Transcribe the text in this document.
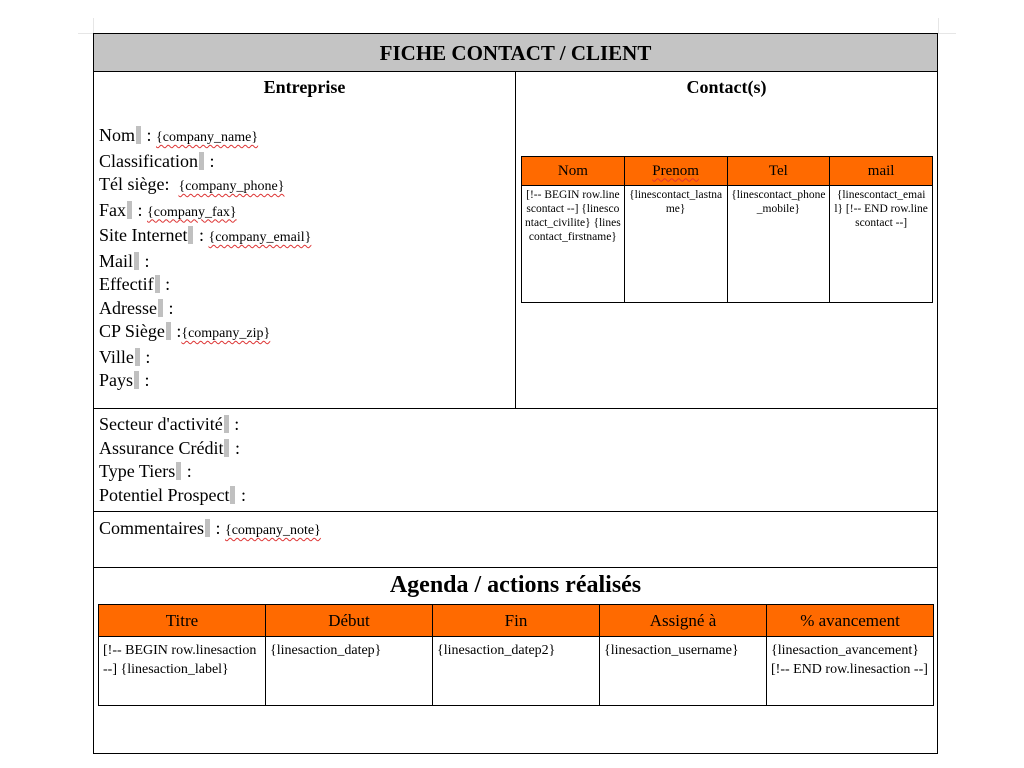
FICHE CONTACT / CLIENT
Entreprise
Nom : {company_name}
Classification :
Tél siège: {company_phone}
Fax : {company_fax}
Site Internet : {company_email}
Mail :
Effectif :
Adresse :
CP Siège :{company_zip}
Ville :
Pays :
Contact(s)
Nom	Prenom	Tel	mail
[!-- BEGIN row.linescontact --] {linescontact_civilite} {linescontact_firstname}	{linescontact_lastname}	{linescontact_phone_mobile}	{linescontact_email} [!-- END row.linescontact --]
Secteur d'activité :
Assurance Crédit :
Type Tiers :
Potentiel Prospect :
Commentaires : {company_note}
Agenda / actions réalisés
Titre	Début	Fin	Assigné à	% avancement
[!-- BEGIN row.linesaction --] {linesaction_label}	{linesaction_datep}	{linesaction_datep2}	{linesaction_username}	{linesaction_avancement} [!-- END row.linesaction --]
